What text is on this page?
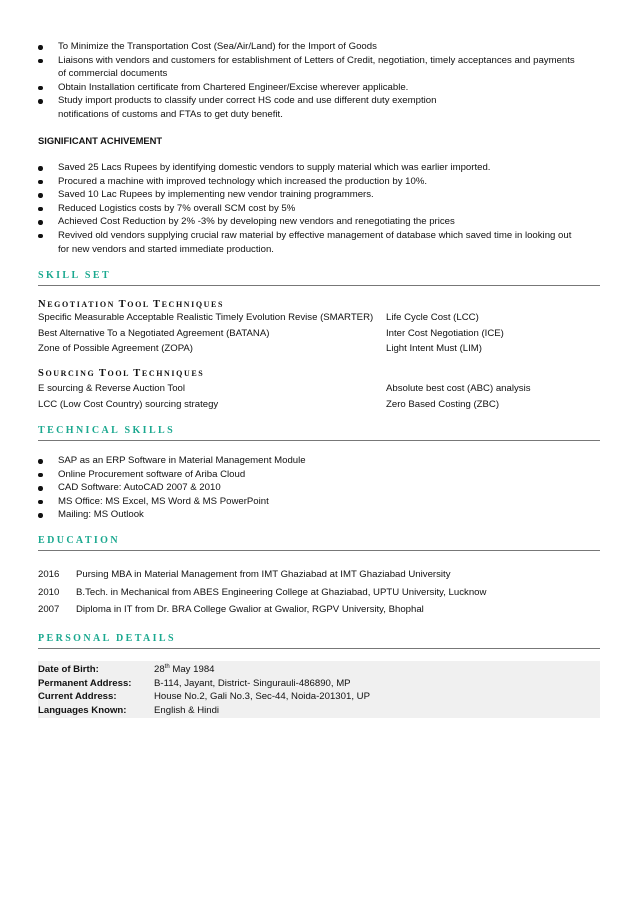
To Minimize the Transportation Cost (Sea/Air/Land) for the Import of Goods
Liaisons with vendors and customers for establishment of Letters of Credit, negotiation, timely acceptances and payments
of commercial documents
Obtain Installation certificate from Chartered Engineer/Excise wherever applicable.
Study import products to classify under correct HS code and use different duty exemption
notifications of customs and FTAs to get duty benefit.
SIGNIFICANT ACHIVEMENT
Saved 25 Lacs Rupees by identifying domestic vendors to supply material which was earlier imported.
Procured a machine with improved technology which increased the production by 10%.
Saved 10 Lac Rupees by implementing new vendor training programmers.
Reduced Logistics costs by 7% overall SCM cost by 5%
Achieved Cost Reduction by 2% -3% by developing new vendors and renegotiating the prices
Revived old vendors supplying crucial raw material by effective management of database which saved time in looking out
for new vendors and started immediate production.
SKILL SET
NEGOTIATION TOOL TECHNIQUES
Specific Measurable Acceptable Realistic Timely Evolution Revise (SMARTER)	Life Cycle Cost (LCC)
Best Alternative To a Negotiated Agreement (BATANA)	Inter Cost Negotiation (ICE)
Zone of Possible Agreement (ZOPA)	Light Intent Must (LIM)
SOURCING TOOL TECHNIQUES
E sourcing & Reverse Auction Tool	Absolute best cost (ABC) analysis
LCC (Low Cost Country) sourcing strategy	Zero Based Costing (ZBC)
TECHNICAL SKILLS
SAP as an ERP Software in Material Management Module
Online Procurement software of Ariba Cloud
CAD Software: AutoCAD 2007 & 2010
MS Office: MS Excel, MS Word & MS PowerPoint
Mailing: MS Outlook
EDUCATION
2016	Pursing MBA in Material Management from IMT Ghaziabad at IMT Ghaziabad University
2010	B.Tech. in Mechanical from ABES Engineering College at Ghaziabad, UPTU University, Lucknow
2007	Diploma in IT from Dr. BRA College Gwalior at Gwalior, RGPV University, Bhophal
PERSONAL DETAILS
Date of Birth:	28th May 1984
Permanent Address:	B-114, Jayant, District- Singurauli-486890, MP
Current Address:	House No.2, Gali No.3, Sec-44, Noida-201301, UP
Languages Known:	English & Hindi
